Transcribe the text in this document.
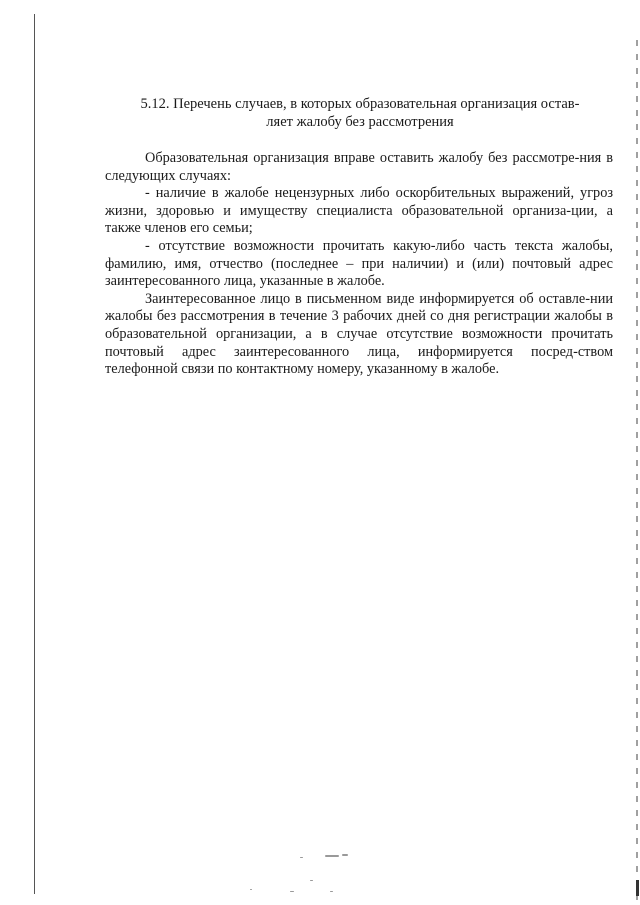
5.12. Перечень случаев, в которых образовательная организация остав-
ляет жалобу без рассмотрения

Образовательная организация вправе оставить жалобу без рассмотре-ния в следующих случаях:

- наличие в жалобе нецензурных либо оскорбительных выражений, угроз жизни, здоровью и имуществу специалиста образовательной организа-ции, а также членов его семьи;

- отсутствие возможности прочитать какую-либо часть текста жалобы, фамилию, имя, отчество (последнее – при наличии) и (или) почтовый адрес заинтересованного лица, указанные в жалобе.

Заинтересованное лицо в письменном виде информируется об оставле-нии жалобы без рассмотрения в течение 3 рабочих дней со дня регистрации жалобы в образовательной организации, а в случае отсутствие возможности прочитать почтовый адрес заинтересованного лица, информируется посред-ством телефонной связи по контактному номеру, указанному в жалобе.
